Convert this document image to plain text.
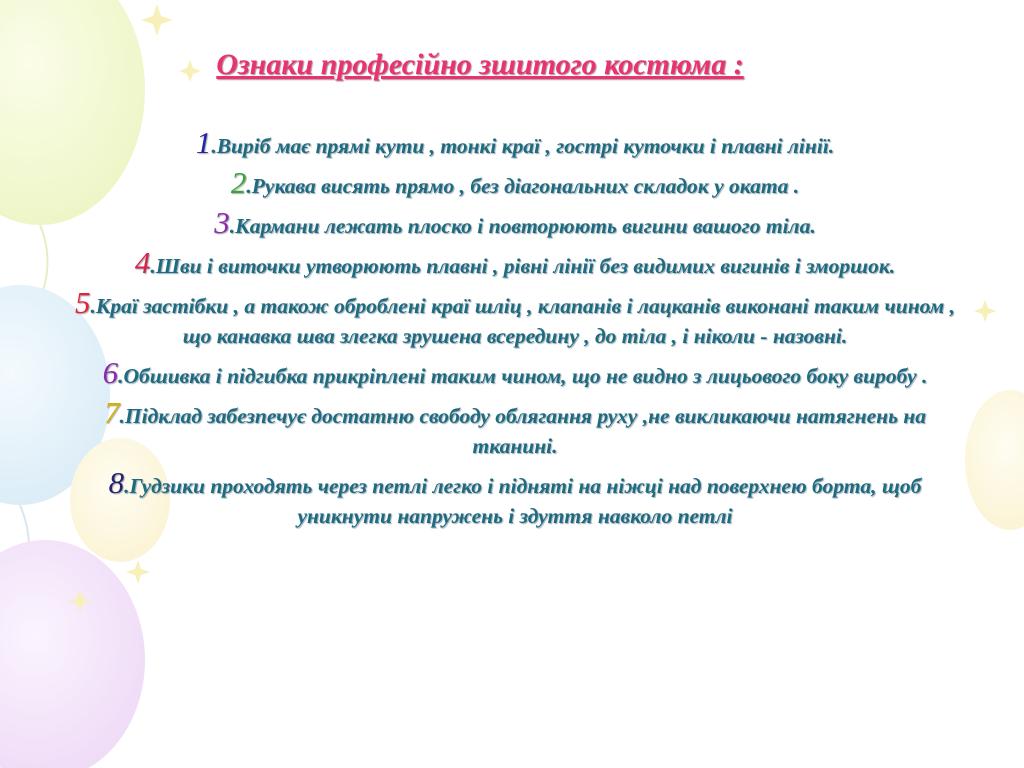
Ознаки професійно зшитого костюма :
1.Виріб має прямі кути , тонкі краї , гострі куточки і плавні лінії.
2.Рукава висять прямо , без діагональних складок у оката .
3.Кармани лежать плоско і повторюють вигини вашого тіла.
4.Шви і виточки утворюють плавні , рівні лінії без видимих вигинів і зморшок.
5.Краї застібки , а також оброблені краї шліц , клапанів і лацканів виконані таким чином , що канавка шва злегка зрушена всередину , до тіла , і ніколи - назовні.
6.Обшивка і підгибка прикріплені таким чином, що не видно з лицьового боку виробу .
7.Підклад забезпечує достатню свободу облягання руху ,не викликаючи натягнень на тканині.
8.Гудзики проходять через петлі легко і підняті на ніжці над поверхнею борта, щоб уникнути напружень і здуття навколо петлі
